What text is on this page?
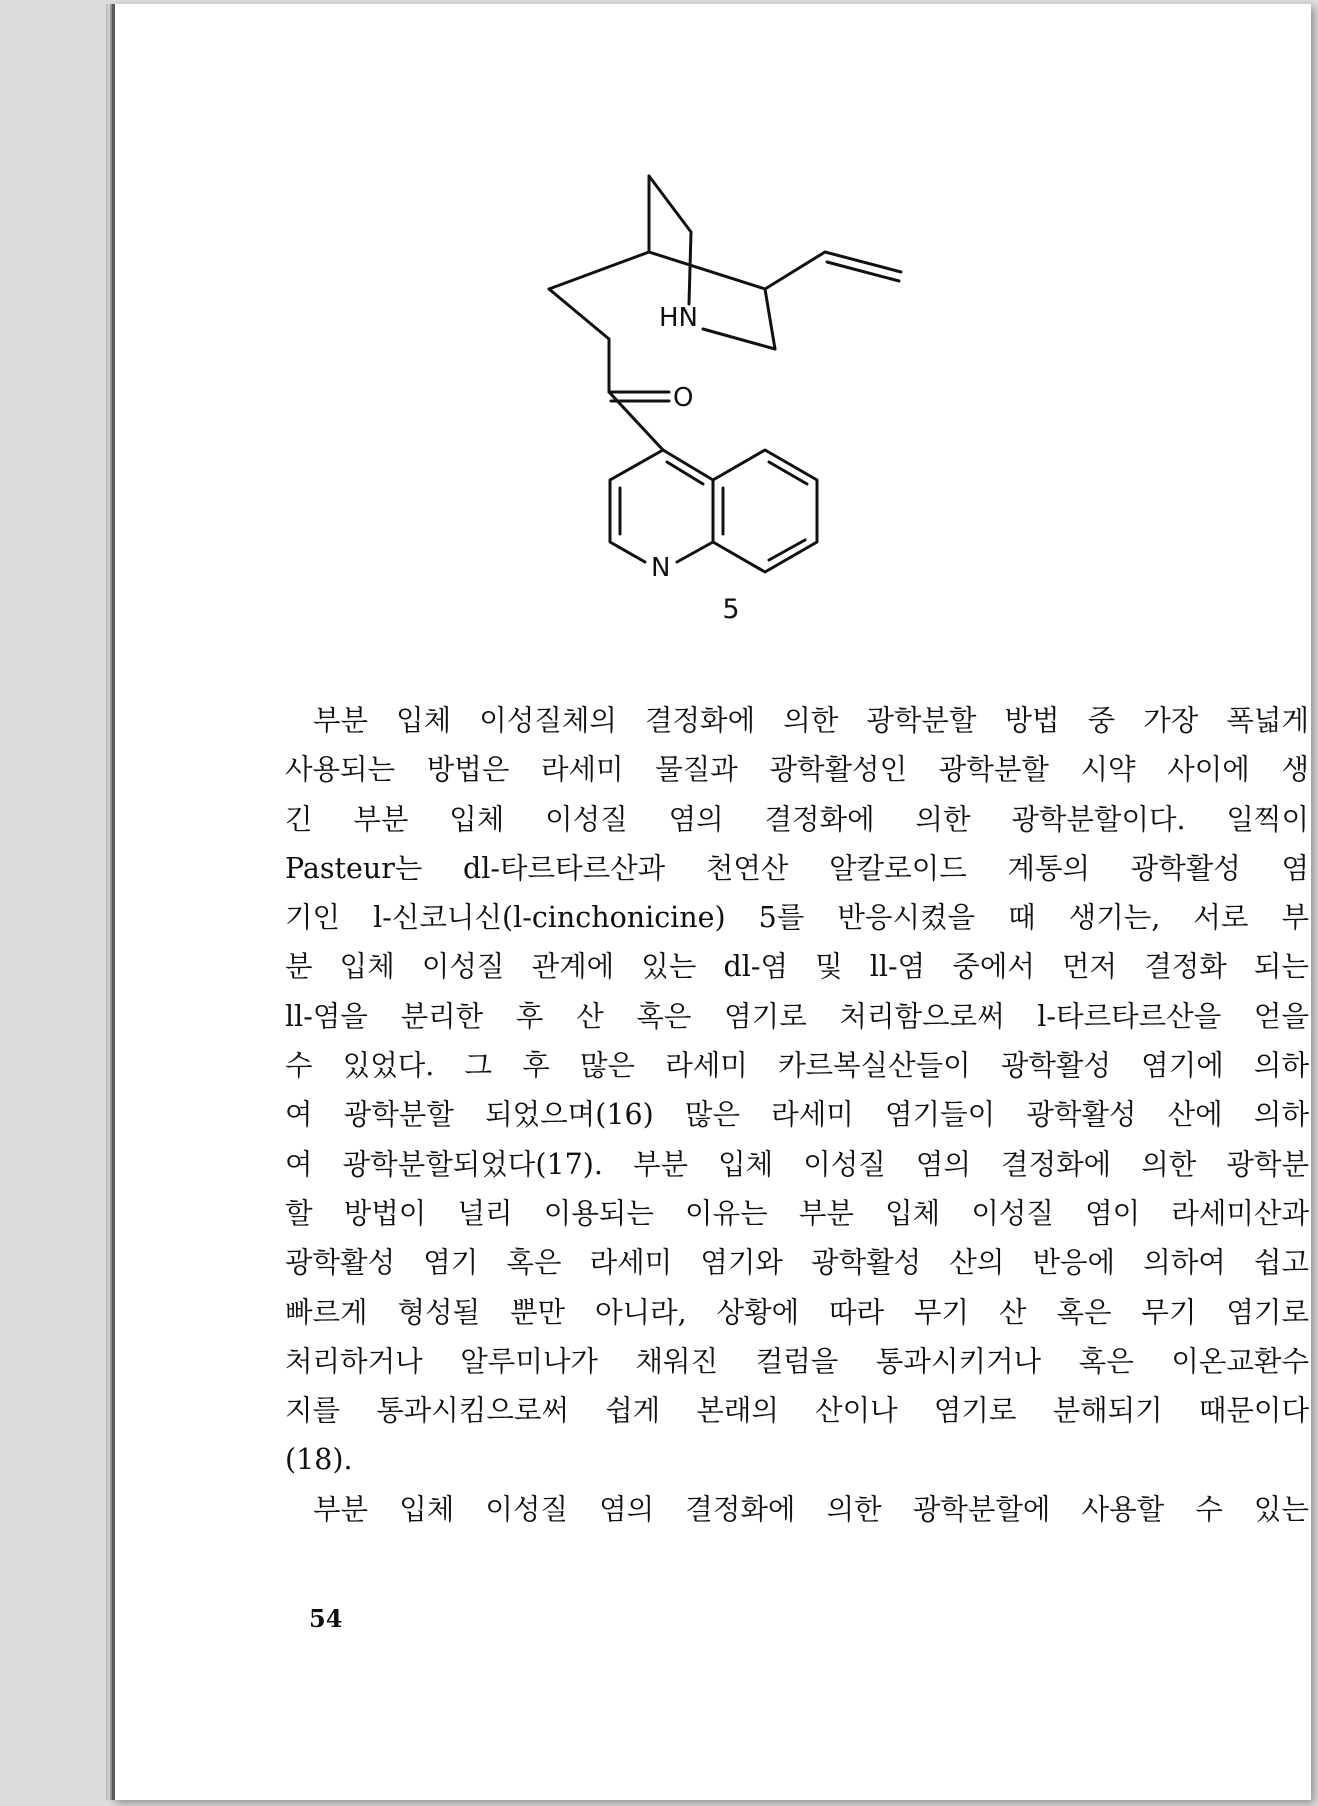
HN
O
N
5
부분 입체 이성질체의 결정화에 의한 광학분할 방법 중 가장 폭넓게
사용되는 방법은 라세미 물질과 광학활성인 광학분할 시약 사이에 생
긴 부분 입체 이성질 염의 결정화에 의한 광학분할이다. 일찍이
Pasteur는 dl-타르타르산과 천연산 알칼로이드 계통의 광학활성 염
기인 l-신코니신(l-cinchonicine) 5를 반응시켰을 때 생기는, 서로 부
분 입체 이성질 관계에 있는 dl-염 및 ll-염 중에서 먼저 결정화 되는
ll-염을 분리한 후 산 혹은 염기로 처리함으로써 l-타르타르산을 얻을
수 있었다. 그 후 많은 라세미 카르복실산들이 광학활성 염기에 의하
여 광학분할 되었으며(16) 많은 라세미 염기들이 광학활성 산에 의하
여 광학분할되었다(17). 부분 입체 이성질 염의 결정화에 의한 광학분
할 방법이 널리 이용되는 이유는 부분 입체 이성질 염이 라세미산과
광학활성 염기 혹은 라세미 염기와 광학활성 산의 반응에 의하여 쉽고
빠르게 형성될 뿐만 아니라, 상황에 따라 무기 산 혹은 무기 염기로
처리하거나 알루미나가 채워진 컬럼을 통과시키거나 혹은 이온교환수
지를 통과시킴으로써 쉽게 본래의 산이나 염기로 분해되기 때문이다
(18).
부분 입체 이성질 염의 결정화에 의한 광학분할에 사용할 수 있는
54
